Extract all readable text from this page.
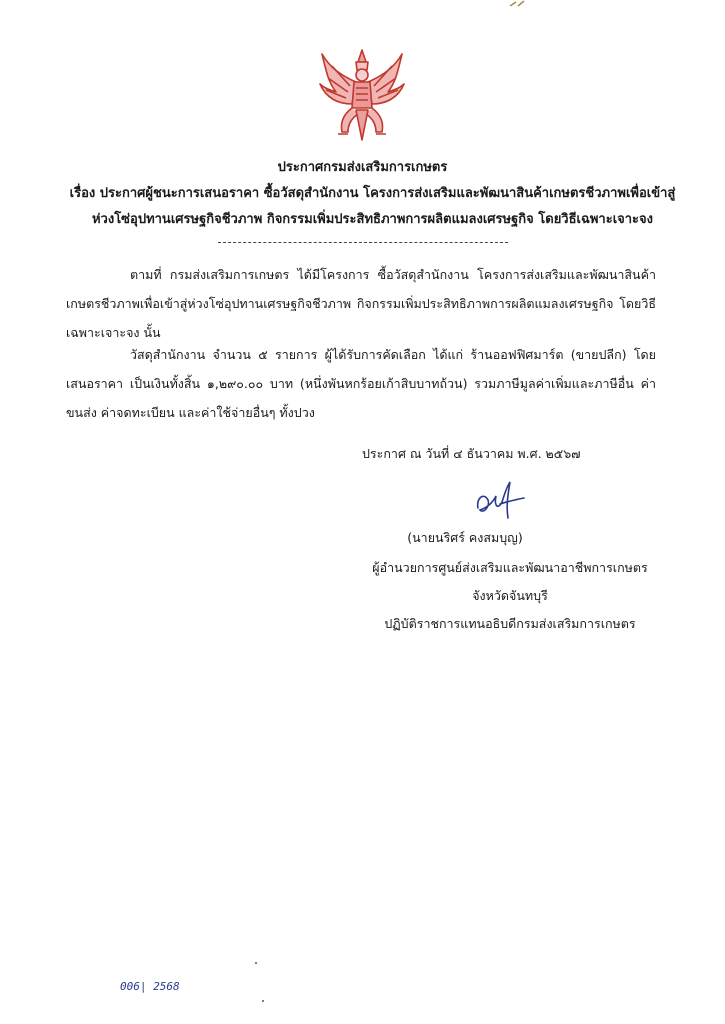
ประกาศกรมส่งเสริมการเกษตร
เรื่อง ประกาศผู้ชนะการเสนอราคา ซื้อวัสดุสำนักงาน โครงการส่งเสริมและพัฒนาสินค้าเกษตรชีวภาพเพื่อเข้าสู่
ห่วงโซ่อุปทานเศรษฐกิจชีวภาพ กิจกรรมเพิ่มประสิทธิภาพการผลิตแมลงเศรษฐกิจ โดยวิธีเฉพาะเจาะจง
ตามที่ กรมส่งเสริมการเกษตร ได้มีโครงการ ซื้อวัสดุสำนักงาน โครงการส่งเสริมและพัฒนาสินค้าเกษตรชีวภาพเพื่อเข้าสู่ห่วงโซ่อุปทานเศรษฐกิจชีวภาพ กิจกรรมเพิ่มประสิทธิภาพการผลิตแมลงเศรษฐกิจ โดยวิธีเฉพาะเจาะจง นั้น
วัสดุสำนักงาน จำนวน ๕ รายการ ผู้ได้รับการคัดเลือก ได้แก่ ร้านออฟฟิศมาร์ต (ขายปลีก) โดยเสนอราคา เป็นเงินทั้งสิ้น ๑,๒๙๐.๐๐ บาท (หนึ่งพันหกร้อยเก้าสิบบาทถ้วน) รวมภาษีมูลค่าเพิ่มและภาษีอื่น ค่าขนส่ง ค่าจดทะเบียน และค่าใช้จ่ายอื่นๆ ทั้งปวง
ประกาศ ณ วันที่ ๔ ธันวาคม พ.ศ. ๒๕๖๗
(นายนริศร์ คงสมบุญ)
ผู้อำนวยการศูนย์ส่งเสริมและพัฒนาอาชีพการเกษตร
จังหวัดจันทบุรี
ปฏิบัติราชการแทนอธิบดีกรมส่งเสริมการเกษตร
006| 2568
